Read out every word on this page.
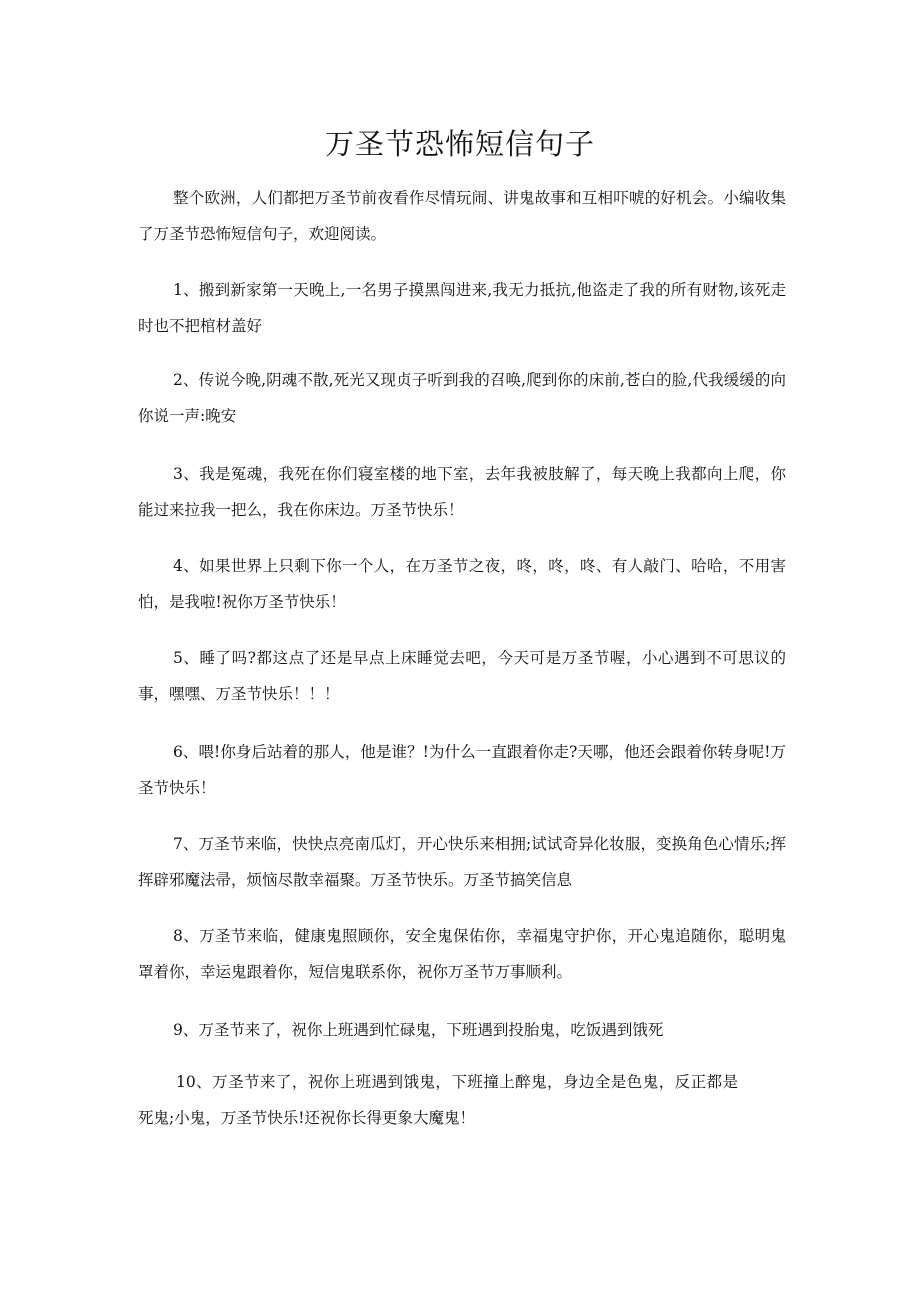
万圣节恐怖短信句子

整个欧洲，人们都把万圣节前夜看作尽情玩闹、讲鬼故事和互相吓唬的好机会。小编收集了万圣节恐怖短信句子，欢迎阅读。

1、搬到新家第一天晚上,一名男子摸黑闯进来,我无力抵抗,他盗走了我的所有财物,该死走时也不把棺材盖好

2、传说今晚,阴魂不散,死光又现贞子听到我的召唤,爬到你的床前,苍白的脸,代我缓缓的向你说一声:晚安

3、我是冤魂，我死在你们寝室楼的地下室，去年我被肢解了，每天晚上我都向上爬，你能过来拉我一把么，我在你床边。万圣节快乐！

4、如果世界上只剩下你一个人，在万圣节之夜，咚，咚，咚、有人敲门、哈哈，不用害怕，是我啦!祝你万圣节快乐！

5、睡了吗?都这点了还是早点上床睡觉去吧，今天可是万圣节喔，小心遇到不可思议的事，嘿嘿、万圣节快乐！！！

6、喂!你身后站着的那人，他是谁？!为什么一直跟着你走?天哪，他还会跟着你转身呢!万圣节快乐！

7、万圣节来临，快快点亮南瓜灯，开心快乐来相拥;试试奇异化妆服，变换角色心情乐;挥挥辟邪魔法帚，烦恼尽散幸福聚。万圣节快乐。万圣节搞笑信息

8、万圣节来临，健康鬼照顾你，安全鬼保佑你，幸福鬼守护你，开心鬼追随你，聪明鬼罩着你，幸运鬼跟着你，短信鬼联系你，祝你万圣节万事顺利。

9、万圣节来了，祝你上班遇到忙碌鬼，下班遇到投胎鬼，吃饭遇到饿死

10、万圣节来了，祝你上班遇到饿鬼，下班撞上醉鬼，身边全是色鬼，反正都是死鬼;小鬼，万圣节快乐!还祝你长得更象大魔鬼！
